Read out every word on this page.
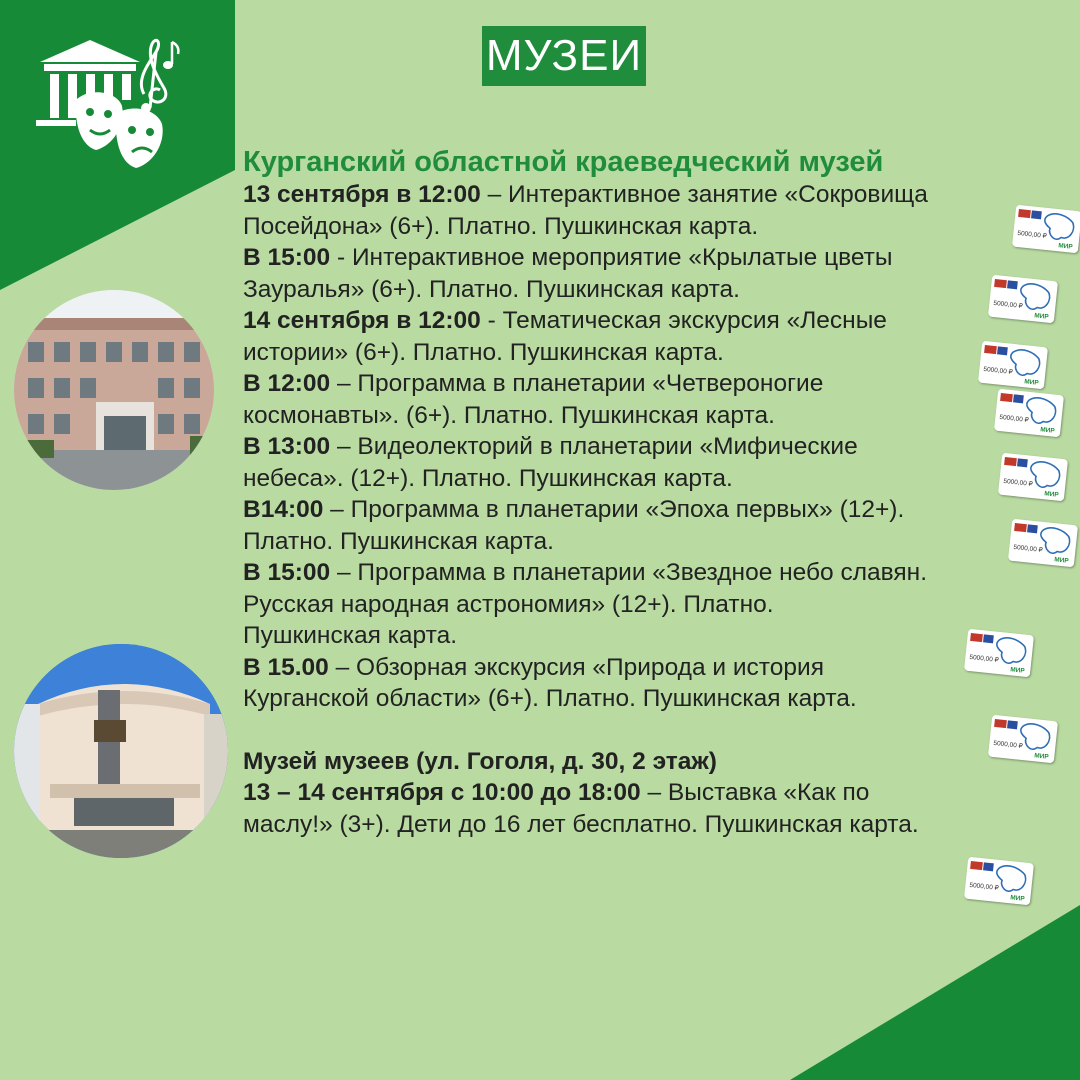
МУЗЕИ
Курганский областной краеведческий музей
13 сентября в 12:00 – Интерактивное занятие «Сокровища
Посейдона» (6+). Платно. Пушкинская карта.
В 15:00 - Интерактивное мероприятие «Крылатые цветы
Зауралья» (6+). Платно. Пушкинская карта.
14 сентября в 12:00 - Тематическая экскурсия «Лесные
истории» (6+). Платно. Пушкинская карта.
В 12:00 – Программа в планетарии «Четвероногие
космонавты». (6+). Платно. Пушкинская карта.
В 13:00 – Видеолекторий в планетарии «Мифические
небеса». (12+). Платно. Пушкинская карта.
В14:00 – Программа в планетарии «Эпоха первых» (12+).
Платно. Пушкинская карта.
В 15:00 – Программа в планетарии «Звездное небо славян.
Русская народная астрономия» (12+). Платно.
Пушкинская карта.
В 15.00 – Обзорная экскурсия «Природа и история
Курганской области» (6+). Платно. Пушкинская карта.
Музей музеев (ул. Гоголя, д. 30, 2 этаж)
13 – 14 сентября с 10:00 до 18:00 – Выставка «Как по
маслу!» (3+). Дети до 16 лет бесплатно. Пушкинская карта.
5000,00 ₽
МИР
5000,00 ₽
МИР
5000,00 ₽
МИР
5000,00 ₽
МИР
5000,00 ₽
МИР
5000,00 ₽
МИР
5000,00 ₽
МИР
5000,00 ₽
МИР
5000,00 ₽
МИР
